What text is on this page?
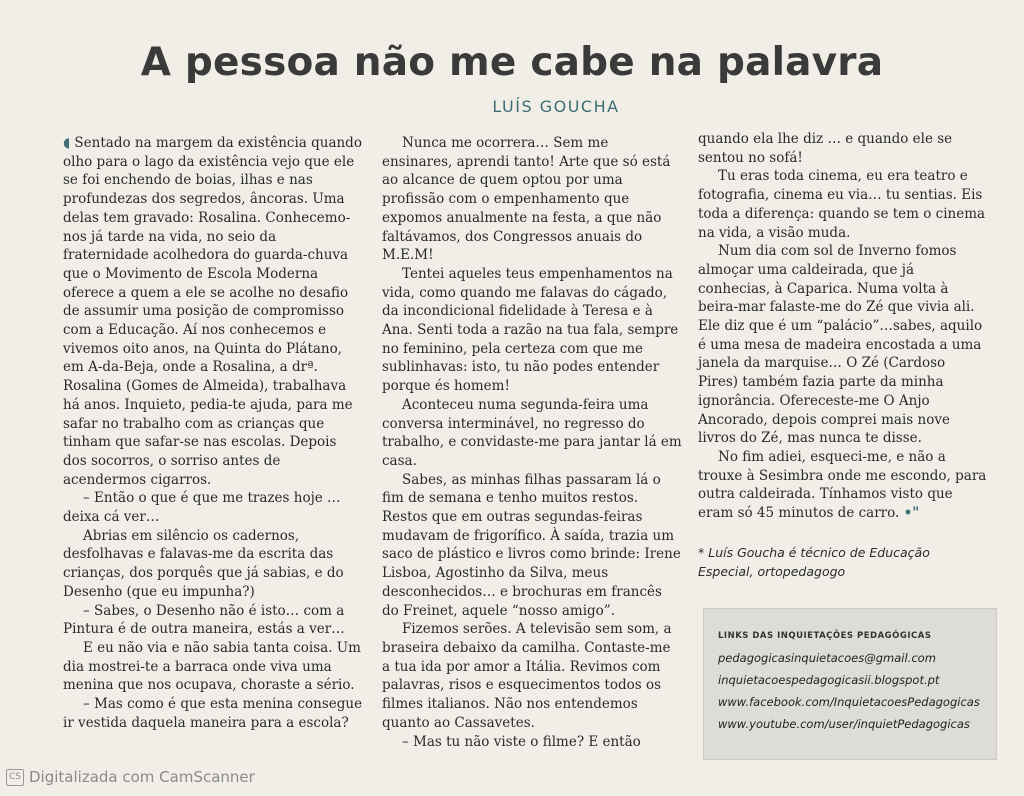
A pessoa não me cabe na palavra
LUÍS GOUCHA

◖ Sentado na margem da existência quando olho para o lago da existência vejo que ele se foi enchendo de boias, ilhas e nas profundezas dos segredos, âncoras. Uma delas tem gravado: Rosalina. Conhecemo-nos já tarde na vida, no seio da fraternidade acolhedora do guarda-chuva que o Movimento de Escola Moderna oferece a quem a ele se acolhe no desafio de assumir uma posição de compromisso com a Educação. Aí nos conhecemos e vivemos oito anos, na Quinta do Plátano, em A-da-Beja, onde a Rosalina, a drª. Rosalina (Gomes de Almeida), trabalhava há anos. Inquieto, pedia-te ajuda, para me safar no trabalho com as crianças que tinham que safar-se nas escolas. Depois dos socorros, o sorriso antes de acendermos cigarros.

– Então o que é que me trazes hoje … deixa cá ver…

Abrias em silêncio os cadernos, desfolhavas e falavas-me da escrita das crianças, dos porquês que já sabias, e do Desenho (que eu impunha?)

– Sabes, o Desenho não é isto… com a Pintura é de outra maneira, estás a ver…

E eu não via e não sabia tanta coisa. Um dia mostrei-te a barraca onde viva uma menina que nos ocupava, choraste a sério.

– Mas como é que esta menina consegue ir vestida daquela maneira para a escola?

Nunca me ocorrera… Sem me ensinares, aprendi tanto! Arte que só está ao alcance de quem optou por uma profissão com o empenhamento que expomos anualmente na festa, a que não faltávamos, dos Congressos anuais do M.E.M!

Tentei aqueles teus empenhamentos na vida, como quando me falavas do cágado, da incondicional fidelidade à Teresa e à Ana. Senti toda a razão na tua fala, sempre no feminino, pela certeza com que me sublinhavas: isto, tu não podes entender porque és homem!

Aconteceu numa segunda-feira uma conversa interminável, no regresso do trabalho, e convidaste-me para jantar lá em casa.

Sabes, as minhas filhas passaram lá o fim de semana e tenho muitos restos. Restos que em outras segundas-feiras mudavam de frigorífico. À saída, trazia um saco de plástico e livros como brinde: Irene Lisboa, Agostinho da Silva, meus desconhecidos… e brochuras em francês do Freinet, aquele “nosso amigo”.

Fizemos serões. A televisão sem som, a braseira debaixo da camilha. Contaste-me a tua ida por amor a Itália. Revimos com palavras, risos e esquecimentos todos os filmes italianos. Não nos entendemos quanto ao Cassavetes.

– Mas tu não viste o filme? E então

quando ela lhe diz … e quando ele se sentou no sofá!

Tu eras toda cinema, eu era teatro e fotografia, cinema eu via… tu sentias. Eis toda a diferença: quando se tem o cinema na vida, a visão muda.

Num dia com sol de Inverno fomos almoçar uma caldeirada, que já conhecias, à Caparica. Numa volta à beira-mar falaste-me do Zé que vivia ali. Ele diz que é um “palácio”…sabes, aquilo é uma mesa de madeira encostada a uma janela da marquise… O Zé (Cardoso Pires) também fazia parte da minha ignorância. Ofereceste-me O Anjo Ancorado, depois comprei mais nove livros do Zé, mas nunca te disse.

No fim adiei, esqueci-me, e não a trouxe à Sesimbra onde me escondo, para outra caldeirada. Tínhamos visto que eram só 45 minutos de carro. •"

* Luís Goucha é técnico de Educação Especial, ortopedagogo
LINKS DAS INQUIETAÇÕES PEDAGÓGICAS
pedagogicasinquietacoes@gmail.com
inquietacoespedagogicasii.blogspot.pt
www.facebook.com/InquietacoesPedagogicas
www.youtube.com/user/inquietPedagogicas
CS Digitalizada com CamScanner
